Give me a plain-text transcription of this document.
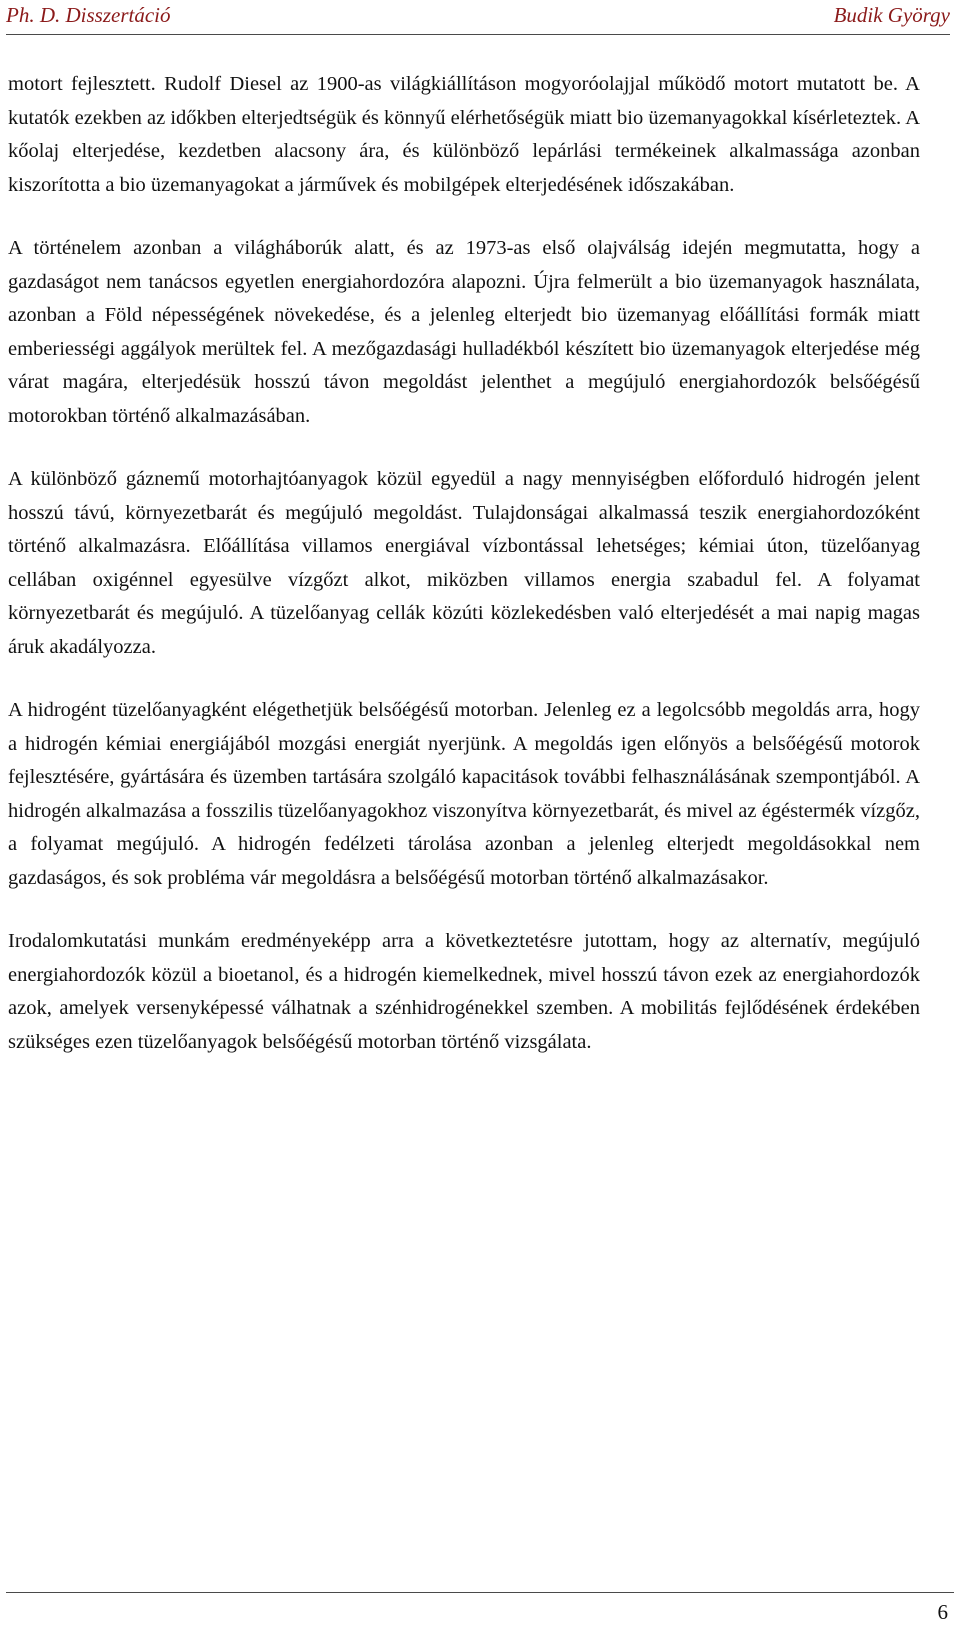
Ph. D. Disszertáció	Budik György

motort fejlesztett. Rudolf Diesel az 1900-as világkiállításon mogyoróolajjal működő motort mutatott be. A kutatók ezekben az időkben elterjedtségük és könnyű elérhetőségük miatt bio üzemanyagokkal kísérleteztek. A kőolaj elterjedése, kezdetben alacsony ára, és különböző lepárlási termékeinek alkalmassága azonban kiszorította a bio üzemanyagokat a járművek és mobilgépek elterjedésének időszakában.

A történelem azonban a világháborúk alatt, és az 1973-as első olajválság idején megmutatta, hogy a gazdaságot nem tanácsos egyetlen energiahordozóra alapozni. Újra felmerült a bio üzemanyagok használata, azonban a Föld népességének növekedése, és a jelenleg elterjedt bio üzemanyag előállítási formák miatt emberiességi aggályok merültek fel. A mezőgazdasági hulladékból készített bio üzemanyagok elterjedése még várat magára, elterjedésük hosszú távon megoldást jelenthet a megújuló energiahordozók belsőégésű motorokban történő alkalmazásában.

A különböző gáznemű motorhajtóanyagok közül egyedül a nagy mennyiségben előforduló hidrogén jelent hosszú távú, környezetbarát és megújuló megoldást. Tulajdonságai alkalmassá teszik energiahordozóként történő alkalmazásra. Előállítása villamos energiával vízbontással lehetséges; kémiai úton, tüzelőanyag cellában oxigénnel egyesülve vízgőzt alkot, miközben villamos energia szabadul fel. A folyamat környezetbarát és megújuló. A tüzelőanyag cellák közúti közlekedésben való elterjedését a mai napig magas áruk akadályozza.

A hidrogént tüzelőanyagként elégethetjük belsőégésű motorban. Jelenleg ez a legolcsóbb megoldás arra, hogy a hidrogén kémiai energiájából mozgási energiát nyerjünk. A megoldás igen előnyös a belsőégésű motorok fejlesztésére, gyártására és üzemben tartására szolgáló kapacitások további felhasználásának szempontjából. A hidrogén alkalmazása a fosszilis tüzelőanyagokhoz viszonyítva környezetbarát, és mivel az égéstermék vízgőz, a folyamat megújuló. A hidrogén fedélzeti tárolása azonban a jelenleg elterjedt megoldásokkal nem gazdaságos, és sok probléma vár megoldásra a belsőégésű motorban történő alkalmazásakor.

Irodalomkutatási munkám eredményeképp arra a következtetésre jutottam, hogy az alternatív, megújuló energiahordozók közül a bioetanol, és a hidrogén kiemelkednek, mivel hosszú távon ezek az energiahordozók azok, amelyek versenyképessé válhatnak a szénhidrogénekkel szemben. A mobilitás fejlődésének érdekében szükséges ezen tüzelőanyagok belsőégésű motorban történő vizsgálata.

6
